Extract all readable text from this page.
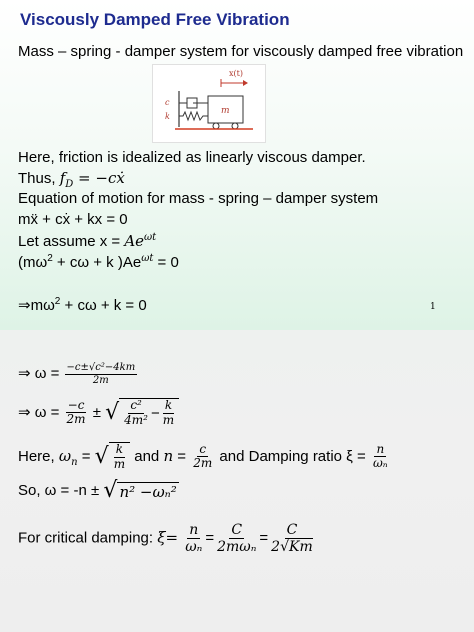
Viscously Damped Free Vibration
Mass – spring - damper system for viscously damped free vibration
x(t)
m
c
k
Here, friction is idealized as linearly viscous damper.
Thus, $f_D$ = −cẋ
Equation of motion for mass - spring – damper system
mẍ + cẋ + kx = 0
Let assume $x = Ae^{\omega t}$
($m\omega^2 + c\omega + k$ )$Ae^{\omega t} = 0$
$\Rightarrow m\omega^2 + c\omega + k = 0$	1
⇒ $\omega = \frac{\text{−c±√c²−4km}}{2m}$
⇒ $\omega = \frac{-c}{2m}$ ± √ $\frac{\text{c²}}{\text{4m²}} - \frac{k}{m}$
Here, $\omega_n$ = √ $\frac{k}{m}$ and $n = \frac{c}{2m}$ and Damping ratio $\xi = \frac{n}{\text{ωₙ}}$
So, ω = -n ± √ n² −ωₙ²
For critical damping: $\xi= \frac{n}{\text{ωₙ}} = \frac{C}{\text{2mωₙ}} = \frac{C}{2√Km}$
